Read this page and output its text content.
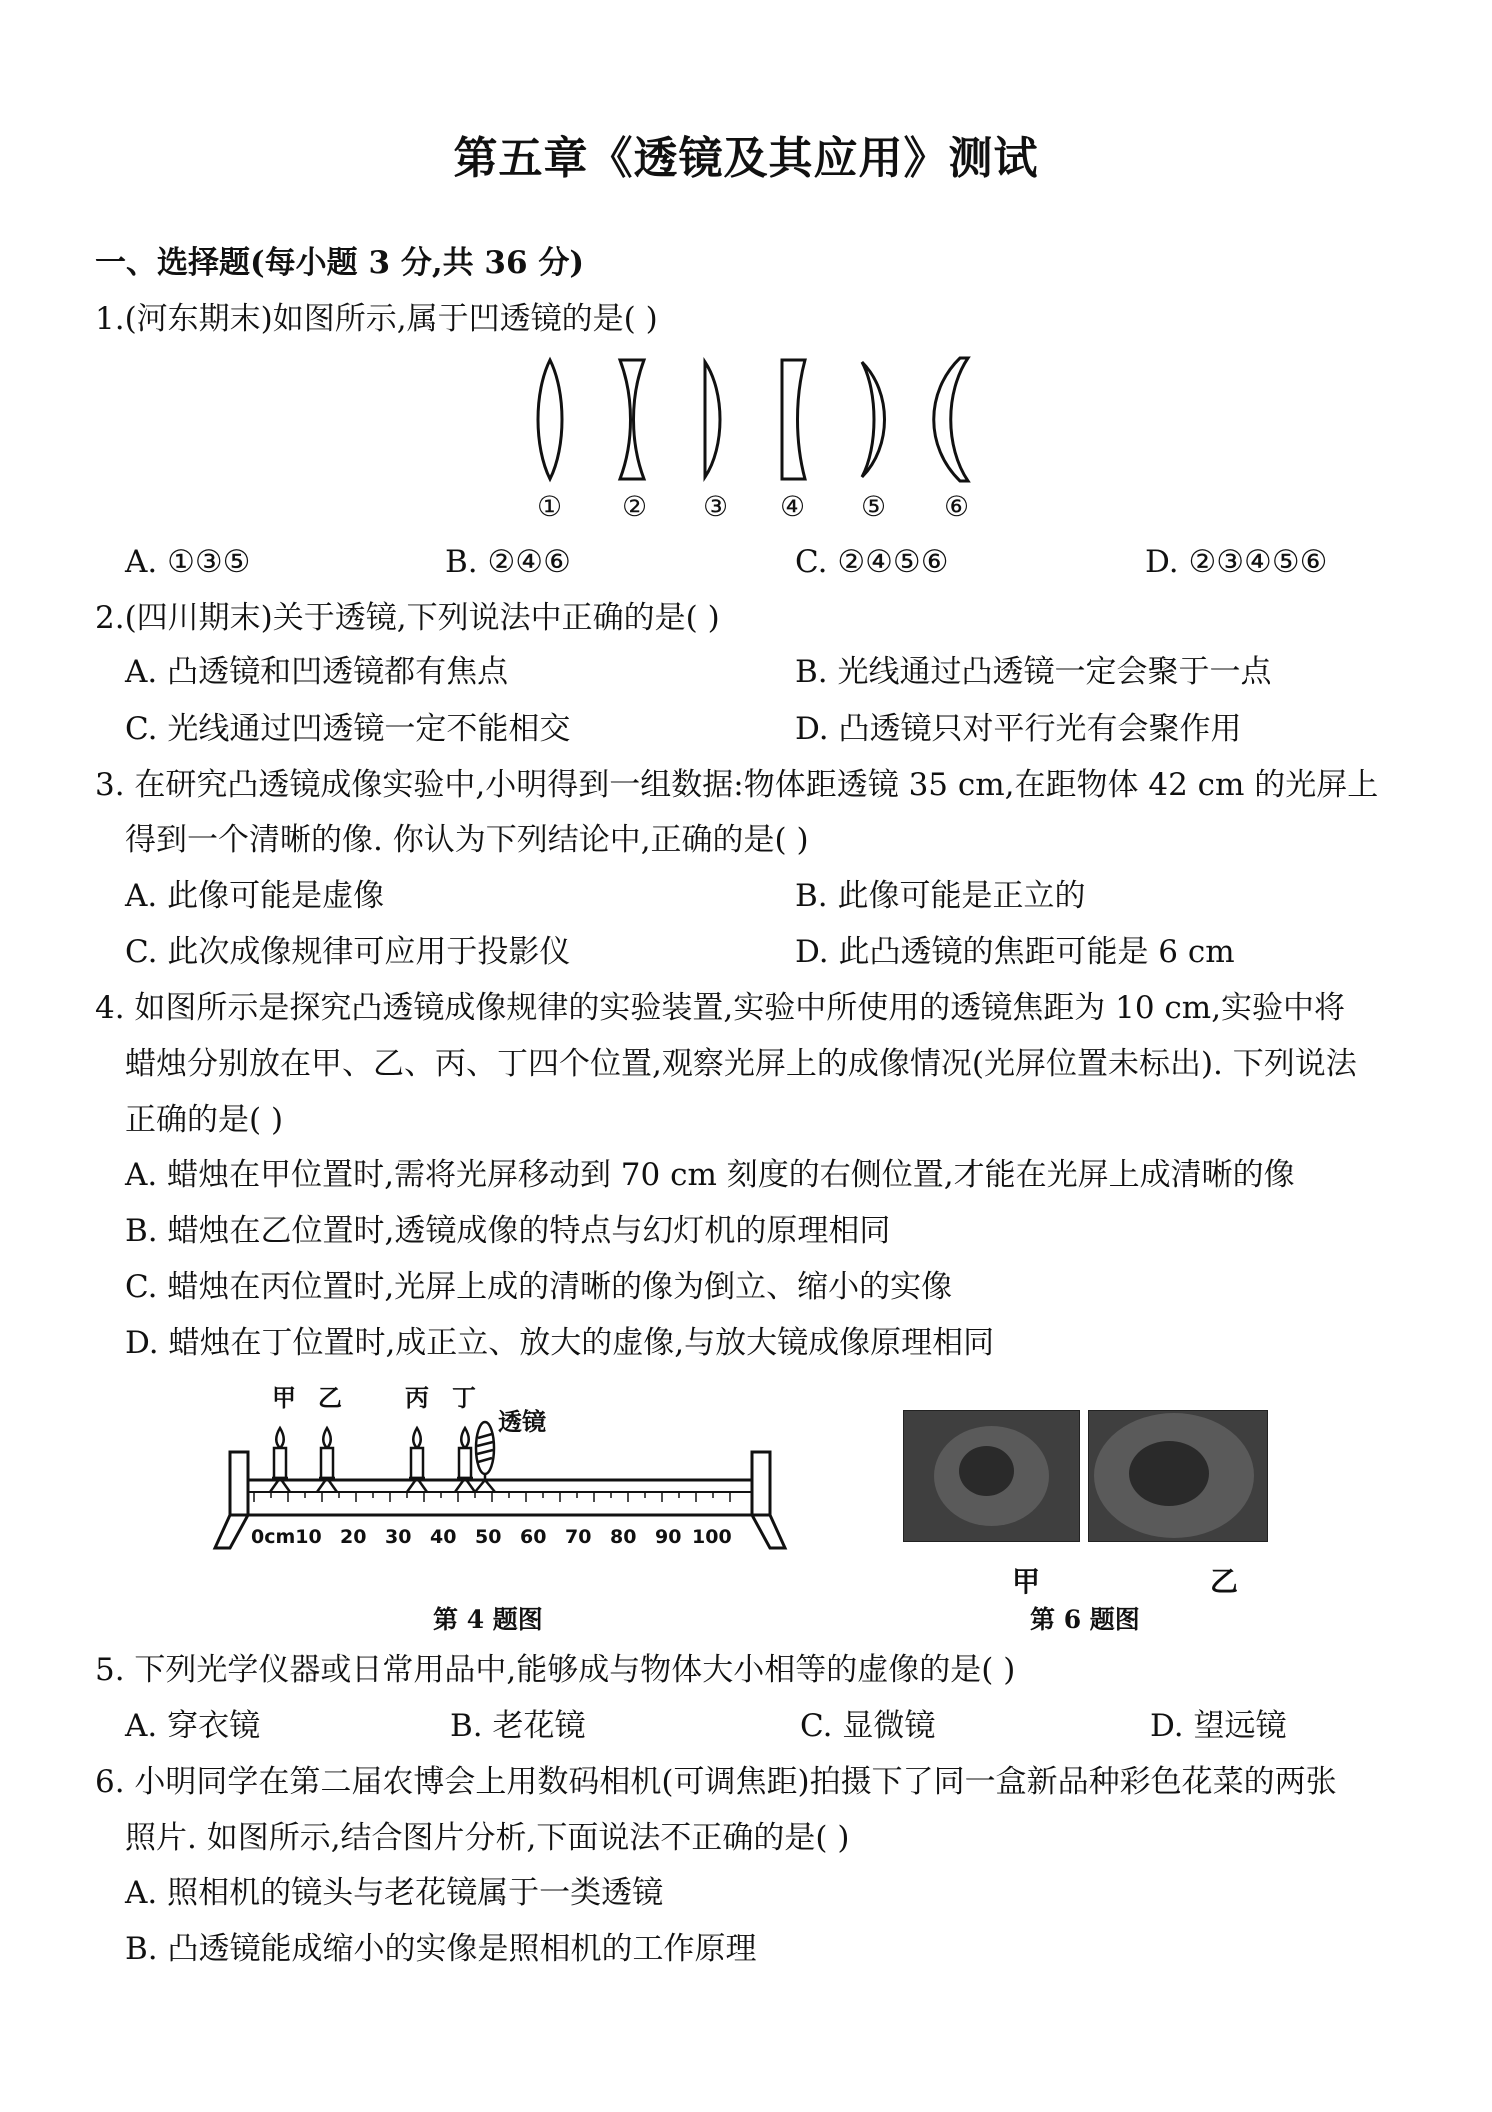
第五章《透镜及其应用》测试
一、选择题(每小题 3 分,共 36 分)
1.(河东期末)如图所示,属于凹透镜的是( )
① ② ③ ④ ⑤ ⑥
A. ①③⑤	B. ②④⑥	C. ②④⑤⑥	D. ②③④⑤⑥
2.(四川期末)关于透镜,下列说法中正确的是( )
A. 凸透镜和凹透镜都有焦点	B. 光线通过凸透镜一定会聚于一点
C. 光线通过凹透镜一定不能相交	D. 凸透镜只对平行光有会聚作用
3. 在研究凸透镜成像实验中,小明得到一组数据:物体距透镜 35 cm,在距物体 42 cm 的光屏上
得到一个清晰的像. 你认为下列结论中,正确的是( )
A. 此像可能是虚像	B. 此像可能是正立的
C. 此次成像规律可应用于投影仪	D. 此凸透镜的焦距可能是 6 cm
4. 如图所示是探究凸透镜成像规律的实验装置,实验中所使用的透镜焦距为 10 cm,实验中将
蜡烛分别放在甲、乙、丙、丁四个位置,观察光屏上的成像情况(光屏位置未标出). 下列说法
正确的是( )
A. 蜡烛在甲位置时,需将光屏移动到 70 cm 刻度的右侧位置,才能在光屏上成清晰的像
B. 蜡烛在乙位置时,透镜成像的特点与幻灯机的原理相同
C. 蜡烛在丙位置时,光屏上成的清晰的像为倒立、缩小的实像
D. 蜡烛在丁位置时,成正立、放大的虚像,与放大镜成像原理相同
甲 乙	丙 丁
透镜
0cm10 20 30 40 50 60 70 80 90 100
第 4 题图
甲	乙
第 6 题图
5. 下列光学仪器或日常用品中,能够成与物体大小相等的虚像的是( )
A. 穿衣镜	B. 老花镜	C. 显微镜	D. 望远镜
6. 小明同学在第二届农博会上用数码相机(可调焦距)拍摄下了同一盒新品种彩色花菜的两张
照片. 如图所示,结合图片分析,下面说法不正确的是( )
A. 照相机的镜头与老花镜属于一类透镜
B. 凸透镜能成缩小的实像是照相机的工作原理
